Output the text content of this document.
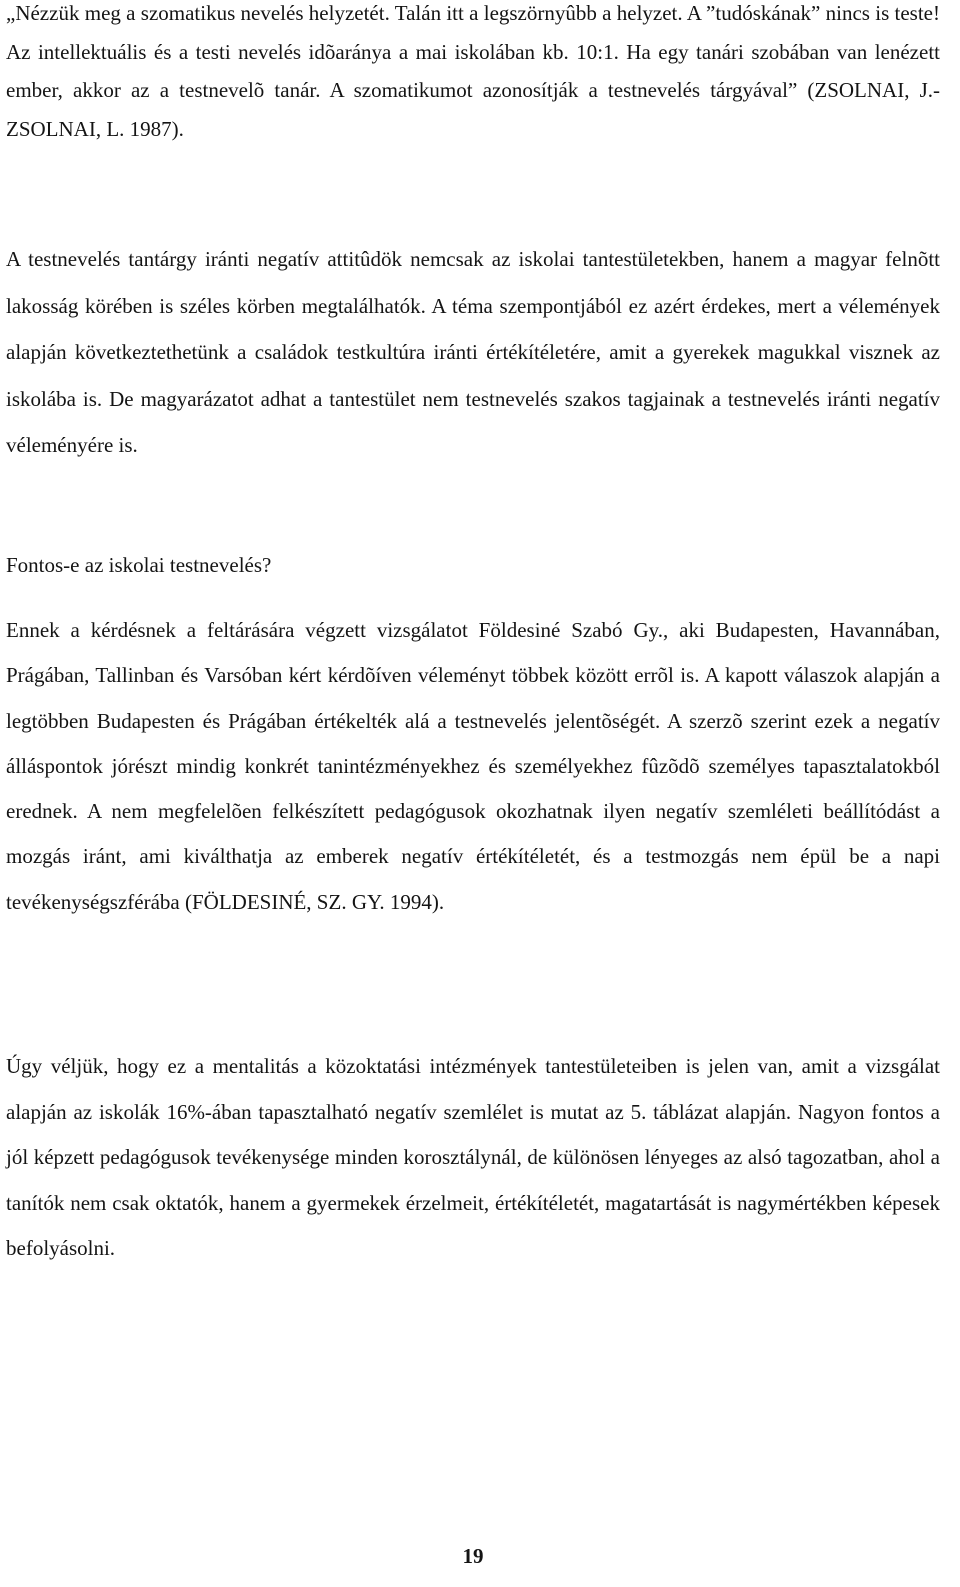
„Nézzük meg a szomatikus nevelés helyzetét. Talán itt a legszörnyûbb a helyzet. A ”tudóskának” nincs is teste! Az intellektuális és a testi nevelés idõaránya a mai iskolában kb. 10:1. Ha egy tanári szobában van lenézett ember, akkor az a testnevelõ tanár. A szomatikumot azonosítják a testnevelés tárgyával” (ZSOLNAI, J.-ZSOLNAI, L. 1987).

A testnevelés tantárgy iránti negatív attitûdök nemcsak az iskolai tantestületekben, hanem a magyar felnõtt lakosság körében is széles körben megtalálhatók. A téma szempontjából ez azért érdekes, mert a vélemények alapján következtethetünk a családok testkultúra iránti értékítéletére, amit a gyerekek magukkal visznek az iskolába is. De magyarázatot adhat a tantestület nem testnevelés szakos tagjainak a testnevelés iránti negatív véleményére is.

Fontos-e az iskolai testnevelés?

Ennek a kérdésnek a feltárására végzett vizsgálatot Földesiné Szabó Gy., aki Budapesten, Havannában, Prágában, Tallinban és Varsóban kért kérdõíven véleményt többek között errõl is. A kapott válaszok alapján a legtöbben Budapesten és Prágában értékelték alá a testnevelés jelentõségét. A szerzõ szerint ezek a negatív álláspontok jórészt mindig konkrét tanintézményekhez és személyekhez fûzõdõ személyes tapasztalatokból erednek. A nem megfelelõen felkészített pedagógusok okozhatnak ilyen negatív szemléleti beállítódást a mozgás iránt, ami kiválthatja az emberek negatív értékítéletét, és a testmozgás nem épül be a napi tevékenységszférába (FÖLDESINÉ, SZ. GY. 1994).

Úgy véljük, hogy ez a mentalitás a közoktatási intézmények tantestületeiben is jelen van, amit a vizsgálat alapján az iskolák 16%-ában tapasztalható negatív szemlélet is mutat az 5. táblázat alapján. Nagyon fontos a jól képzett pedagógusok tevékenysége minden korosztálynál, de különösen lényeges az alsó tagozatban, ahol a tanítók nem csak oktatók, hanem a gyermekek érzelmeit, értékítéletét, magatartását is nagymértékben képesek befolyásolni.

19
